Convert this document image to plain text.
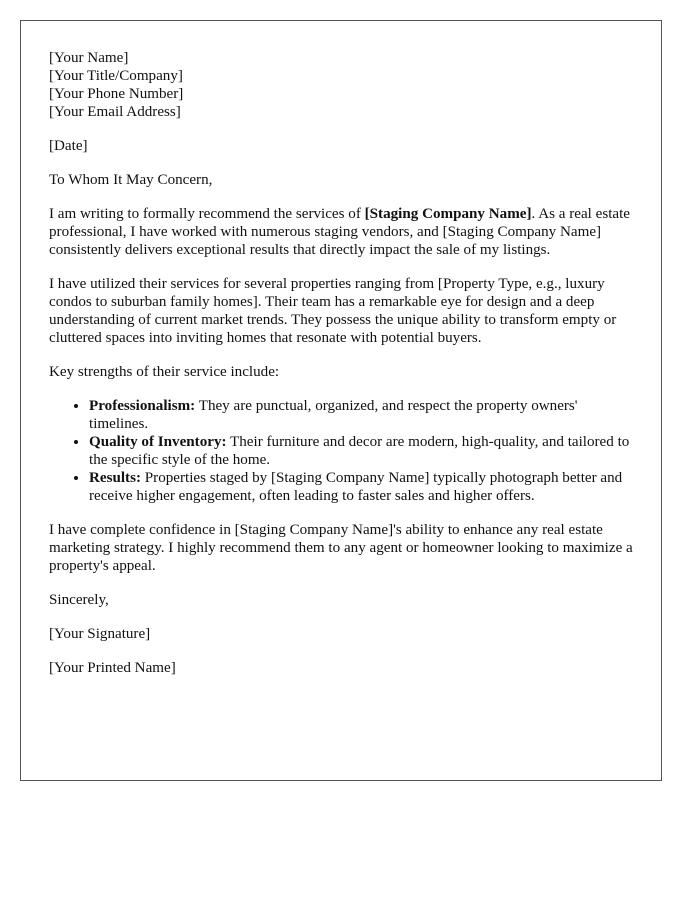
[Your Name]

[Your Title/Company]

[Your Phone Number]

[Your Email Address]

[Date]

To Whom It May Concern,

I am writing to formally recommend the services of [Staging Company Name]. As a real estate professional, I have worked with numerous staging vendors, and [Staging Company Name] consistently delivers exceptional results that directly impact the sale of my listings.

I have utilized their services for several properties ranging from [Property Type, e.g., luxury condos to suburban family homes]. Their team has a remarkable eye for design and a deep understanding of current market trends. They possess the unique ability to transform empty or cluttered spaces into inviting homes that resonate with potential buyers.

Key strengths of their service include:

• Professionalism: They are punctual, organized, and respect the property owners' timelines.
• Quality of Inventory: Their furniture and decor are modern, high-quality, and tailored to the specific style of the home.
• Results: Properties staged by [Staging Company Name] typically photograph better and receive higher engagement, often leading to faster sales and higher offers.

I have complete confidence in [Staging Company Name]'s ability to enhance any real estate marketing strategy. I highly recommend them to any agent or homeowner looking to maximize a property's appeal.

Sincerely,

[Your Signature]

[Your Printed Name]
